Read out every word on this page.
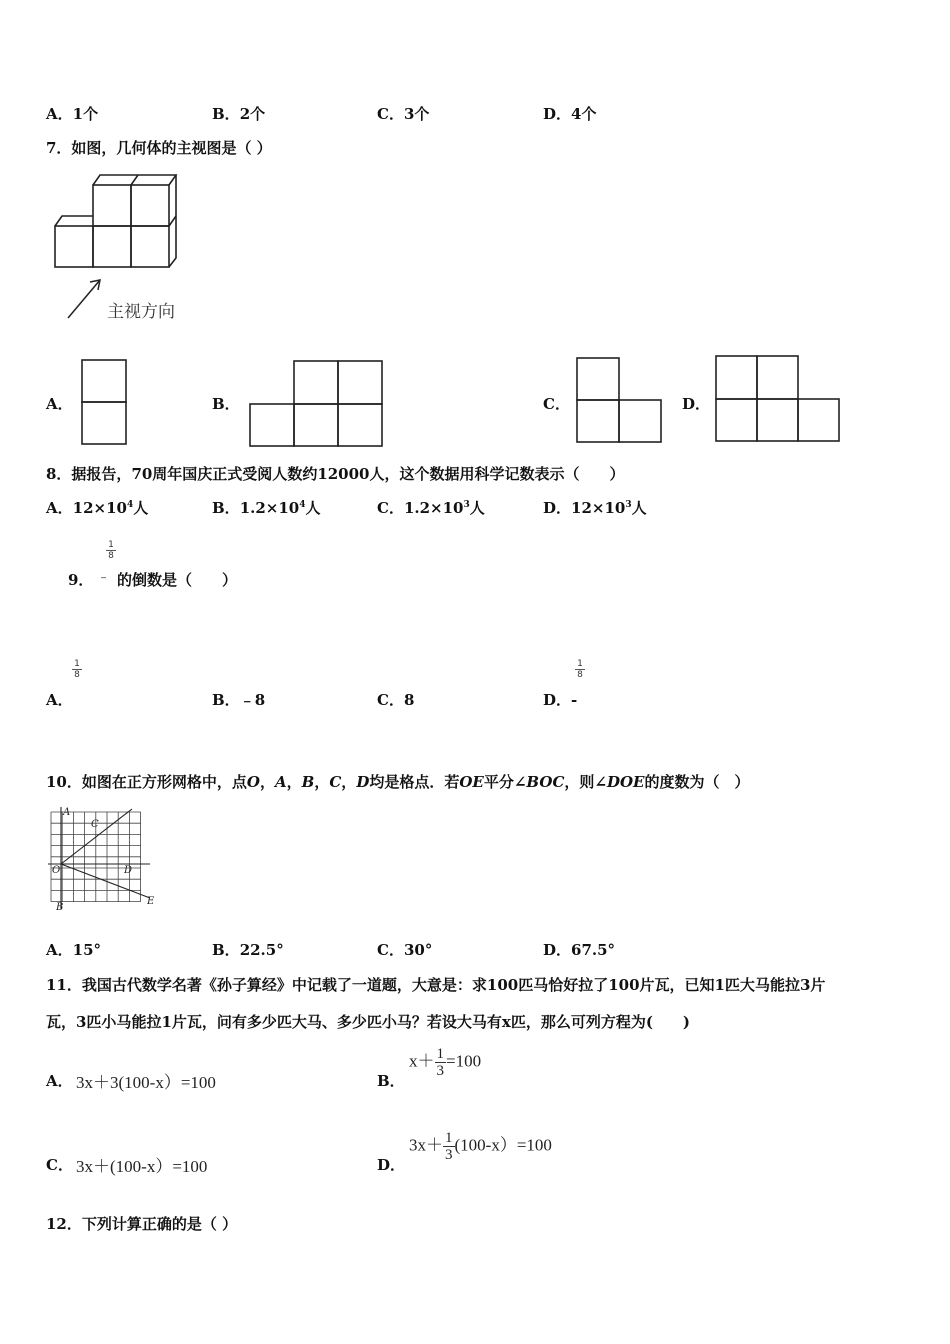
A．1个	B．2个	C．3个	D．4个
7．如图，几何体的主视图是（ ）
主视方向
A．	B．	C．	D．
8．据报告，70周年国庆正式受阅人数约12000人，这个数据用科学记数表示（　　）
A．$12\times 10^4$人	B．$1.2\times 10^4$人	C．$1.2\times 10^3$人	D．$12\times 10^3$人
9． ﹣
$\frac{1}{8}$
的倒数是（　　）
A．
$\frac{1}{8}$
B．﹣8	C．8	D．-
$\frac{1}{8}$
10．如图在正方形网格中，点O，A，B，C，D均是格点．若OE平分∠BOC，则∠DOE的度数为（　）
A
C
O	D
B
E
A．15°	B．22.5°	C．30°	D．67.5°
11．我国古代数学名著《孙子算经》中记载了一道题，大意是：求100匹马恰好拉了100片瓦，已知1匹大马能拉3片
瓦，3匹小马能拉1片瓦，问有多少匹大马、多少匹小马？若设大马有x匹，那么可列方程为(　　)
A． 3x＋3(100-x）=100	B．
$x+ \frac{1}{3} =100$
C． 3x＋(100-x）=100	D．
$3x+ \frac{1}{3} (100-x)=100$
12．下列计算正确的是（ ）
